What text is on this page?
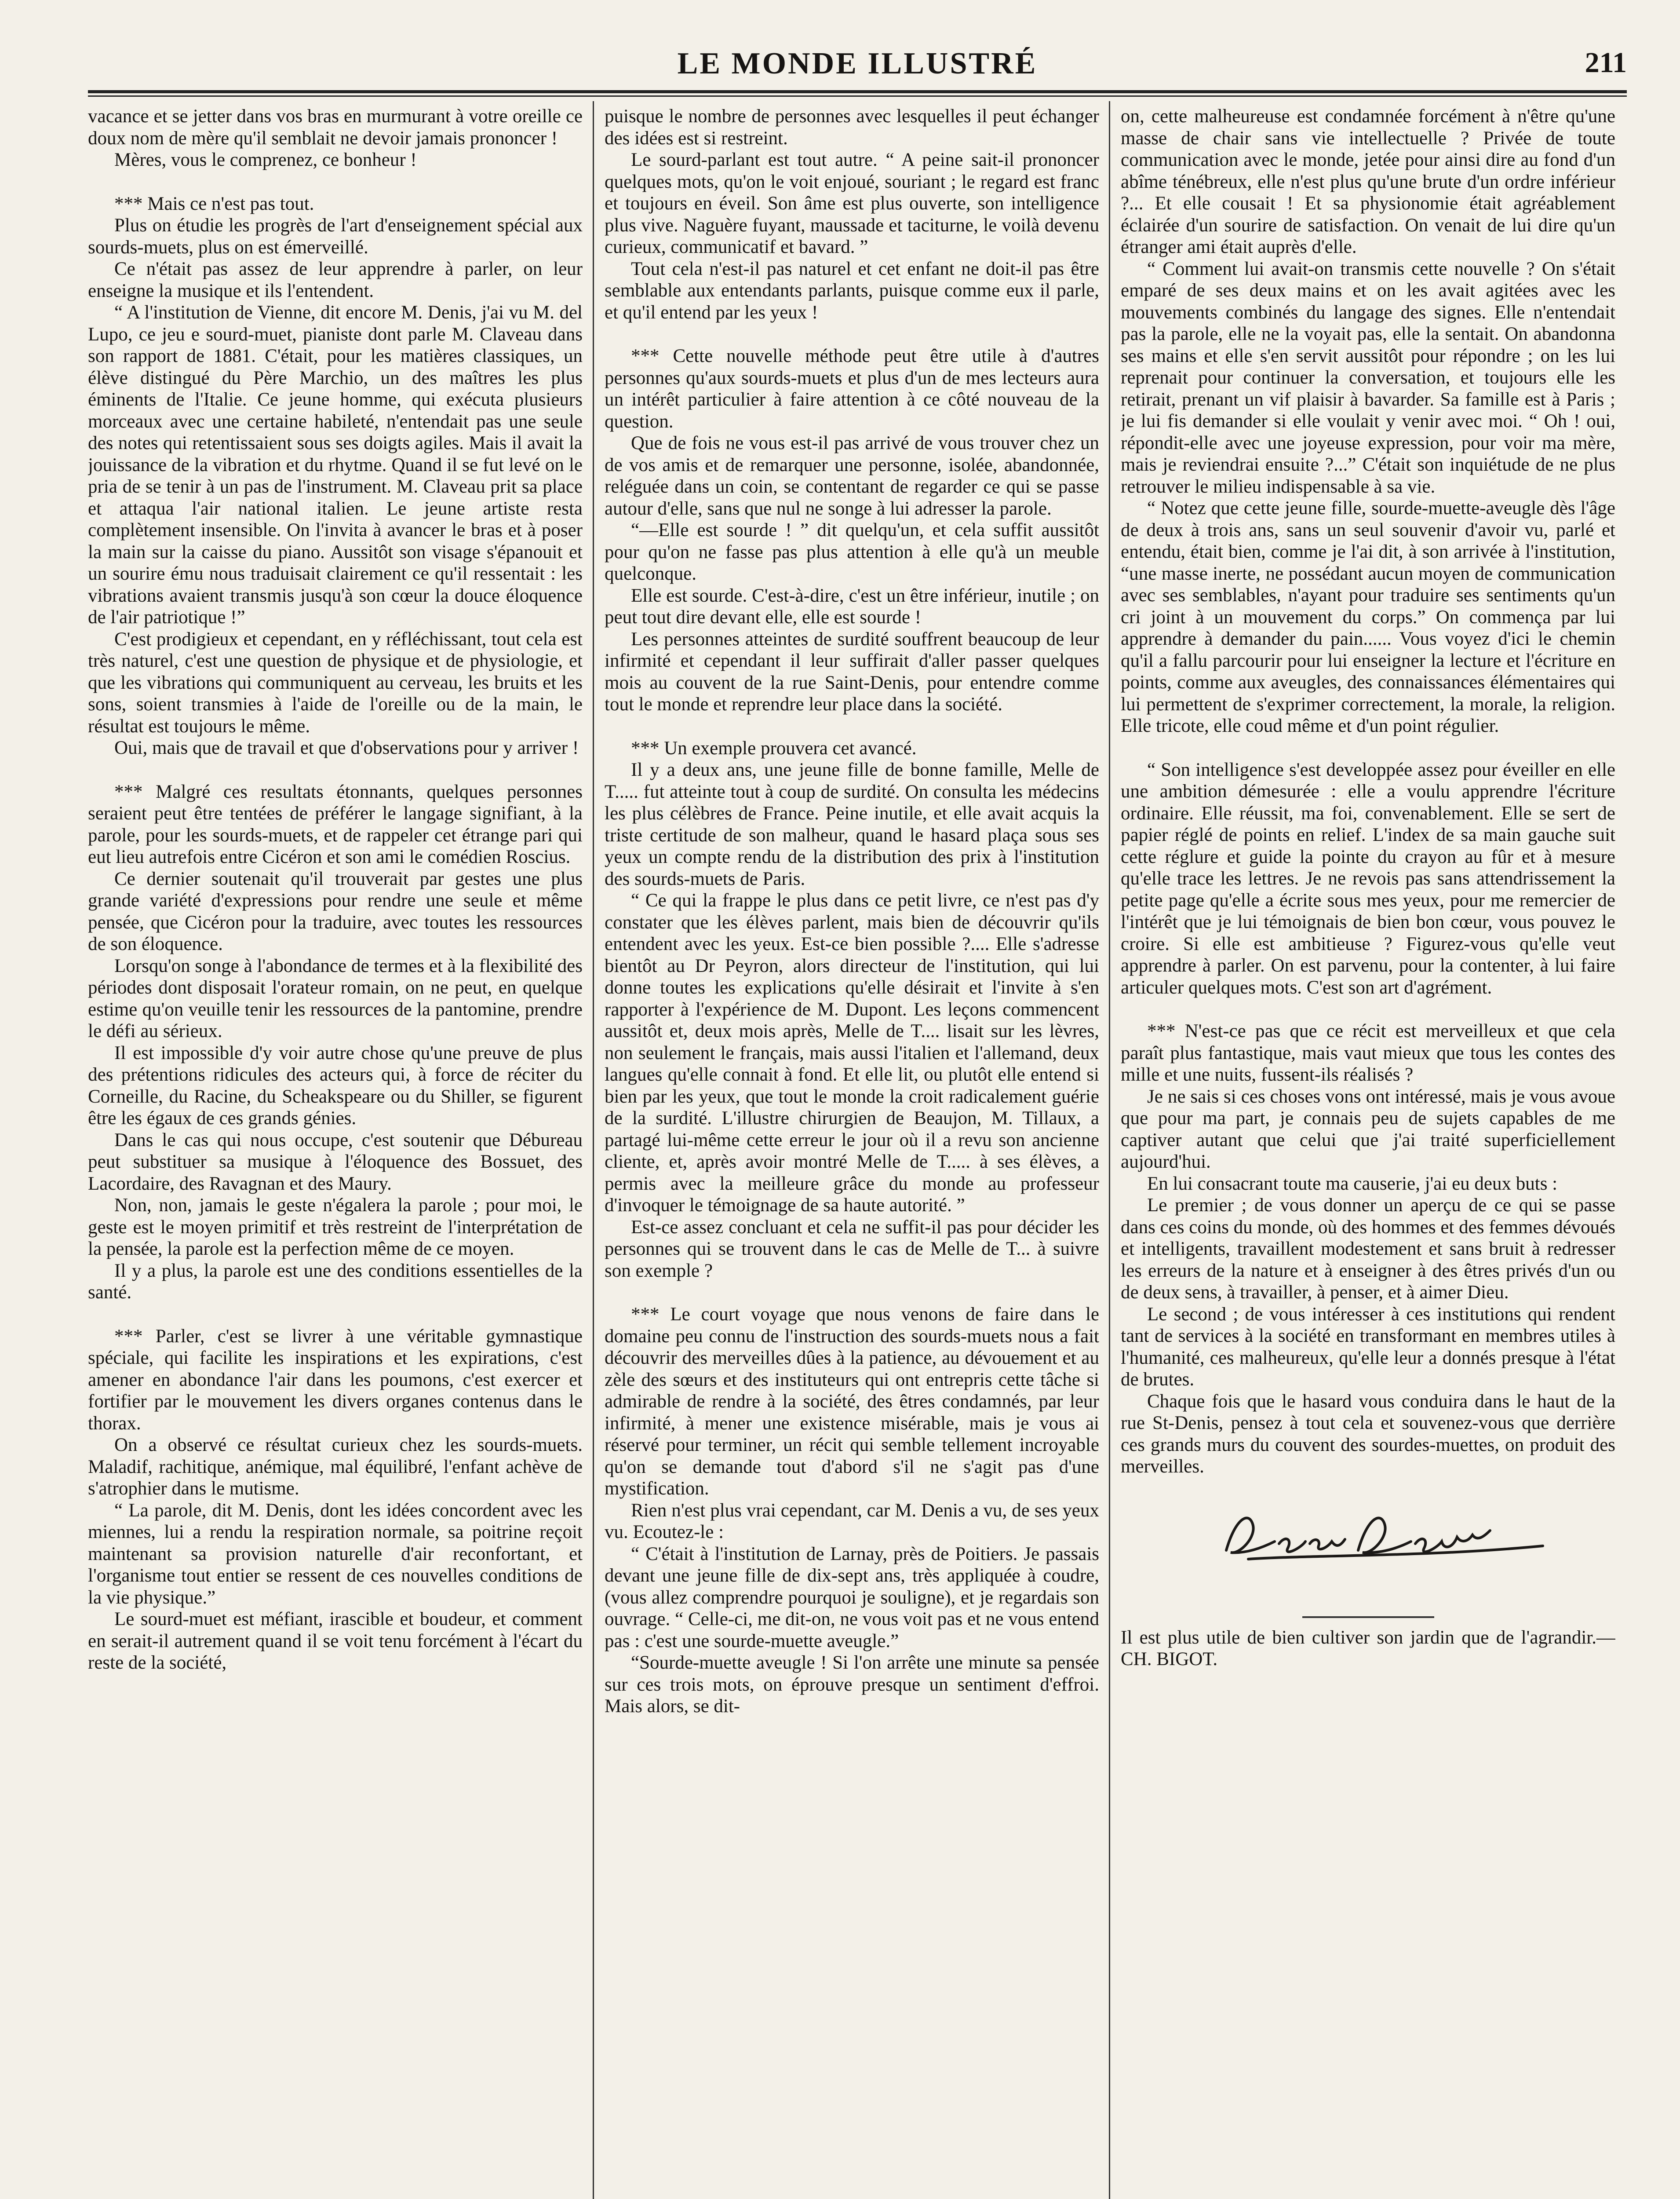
LE MONDE ILLUSTRÉ	211

vacance et se jetter dans vos bras en murmurant à votre oreille ce doux nom de mère qu'il semblait ne devoir jamais prononcer !

Mères, vous le comprenez, ce bonheur !

*** Mais ce n'est pas tout.

Plus on étudie les progrès de l'art d'enseignement spécial aux sourds-muets, plus on est émerveillé.

Ce n'était pas assez de leur apprendre à parler, on leur enseigne la musique et ils l'entendent.

“ A l'institution de Vienne, dit encore M. Denis, j'ai vu M. del Lupo, ce jeu e sourd-muet, pianiste dont parle M. Claveau dans son rapport de 1881. C'était, pour les matières classiques, un élève distingué du Père Marchio, un des maîtres les plus éminents de l'Italie. Ce jeune homme, qui exécuta plusieurs morceaux avec une certaine habileté, n'entendait pas une seule des notes qui retentissaient sous ses doigts agiles. Mais il avait la jouissance de la vibration et du rhytme. Quand il se fut levé on le pria de se tenir à un pas de l'instrument. M. Claveau prit sa place et attaqua l'air national italien. Le jeune artiste resta complètement insensible. On l'invita à avancer le bras et à poser la main sur la caisse du piano. Aussitôt son visage s'épanouit et un sourire ému nous traduisait clairement ce qu'il ressentait : les vibrations avaient transmis jusqu'à son cœur la douce éloquence de l'air patriotique !”

C'est prodigieux et cependant, en y réfléchissant, tout cela est très naturel, c'est une question de physique et de physiologie, et que les vibrations qui communiquent au cerveau, les bruits et les sons, soient transmies à l'aide de l'oreille ou de la main, le résultat est toujours le même.

Oui, mais que de travail et que d'observations pour y arriver !

*** Malgré ces resultats étonnants, quelques personnes seraient peut être tentées de préférer le langage signifiant, à la parole, pour les sourds-muets, et de rappeler cet étrange pari qui eut lieu autrefois entre Cicéron et son ami le comédien Roscius.

Ce dernier soutenait qu'il trouverait par gestes une plus grande variété d'expressions pour rendre une seule et même pensée, que Cicéron pour la traduire, avec toutes les ressources de son éloquence.

Lorsqu'on songe à l'abondance de termes et à la flexibilité des périodes dont disposait l'orateur romain, on ne peut, en quelque estime qu'on veuille tenir les ressources de la pantomine, prendre le défi au sérieux.

Il est impossible d'y voir autre chose qu'une preuve de plus des prétentions ridicules des acteurs qui, à force de réciter du Corneille, du Racine, du Scheakspeare ou du Shiller, se figurent être les égaux de ces grands génies.

Dans le cas qui nous occupe, c'est soutenir que Débureau peut substituer sa musique à l'éloquence des Bossuet, des Lacordaire, des Ravagnan et des Maury.

Non, non, jamais le geste n'égalera la parole ; pour moi, le geste est le moyen primitif et très restreint de l'interprétation de la pensée, la parole est la perfection même de ce moyen.

Il y a plus, la parole est une des conditions essentielles de la santé.

*** Parler, c'est se livrer à une véritable gymnastique spéciale, qui facilite les inspirations et les expirations, c'est amener en abondance l'air dans les poumons, c'est exercer et fortifier par le mouvement les divers organes contenus dans le thorax.

On a observé ce résultat curieux chez les sourds-muets. Maladif, rachitique, anémique, mal équilibré, l'enfant achève de s'atrophier dans le mutisme.

“ La parole, dit M. Denis, dont les idées concordent avec les miennes, lui a rendu la respiration normale, sa poitrine reçoit maintenant sa provision naturelle d'air reconfortant, et l'organisme tout entier se ressent de ces nouvelles conditions de la vie physique.”

Le sourd-muet est méfiant, irascible et boudeur, et comment en serait-il autrement quand il se voit tenu forcément à l'écart du reste de la société,

puisque le nombre de personnes avec lesquelles il peut échanger des idées est si restreint.

Le sourd-parlant est tout autre. “ A peine sait-il prononcer quelques mots, qu'on le voit enjoué, souriant ; le regard est franc et toujours en éveil. Son âme est plus ouverte, son intelligence plus vive. Naguère fuyant, maussade et taciturne, le voilà devenu curieux, communicatif et bavard. ”

Tout cela n'est-il pas naturel et cet enfant ne doit-il pas être semblable aux entendants parlants, puisque comme eux il parle, et qu'il entend par les yeux !

*** Cette nouvelle méthode peut être utile à d'autres personnes qu'aux sourds-muets et plus d'un de mes lecteurs aura un intérêt particulier à faire attention à ce côté nouveau de la question.

Que de fois ne vous est-il pas arrivé de vous trouver chez un de vos amis et de remarquer une personne, isolée, abandonnée, reléguée dans un coin, se contentant de regarder ce qui se passe autour d'elle, sans que nul ne songe à lui adresser la parole.

“—Elle est sourde ! ” dit quelqu'un, et cela suffit aussitôt pour qu'on ne fasse pas plus attention à elle qu'à un meuble quelconque.

Elle est sourde. C'est-à-dire, c'est un être inférieur, inutile ; on peut tout dire devant elle, elle est sourde !

Les personnes atteintes de surdité souffrent beaucoup de leur infirmité et cependant il leur suffirait d'aller passer quelques mois au couvent de la rue Saint-Denis, pour entendre comme tout le monde et reprendre leur place dans la société.

*** Un exemple prouvera cet avancé.

Il y a deux ans, une jeune fille de bonne famille, Melle de T..... fut atteinte tout à coup de surdité. On consulta les médecins les plus célèbres de France. Peine inutile, et elle avait acquis la triste certitude de son malheur, quand le hasard plaça sous ses yeux un compte rendu de la distribution des prix à l'institution des sourds-muets de Paris.

“ Ce qui la frappe le plus dans ce petit livre, ce n'est pas d'y constater que les élèves parlent, mais bien de découvrir qu'ils entendent avec les yeux. Est-ce bien possible ?.... Elle s'adresse bientôt au Dr Peyron, alors directeur de l'institution, qui lui donne toutes les explications qu'elle désirait et l'invite à s'en rapporter à l'expérience de M. Dupont. Les leçons commencent aussitôt et, deux mois après, Melle de T.... lisait sur les lèvres, non seulement le français, mais aussi l'italien et l'allemand, deux langues qu'elle connait à fond. Et elle lit, ou plutôt elle entend si bien par les yeux, que tout le monde la croit radicalement guérie de la surdité. L'illustre chirurgien de Beaujon, M. Tillaux, a partagé lui-même cette erreur le jour où il a revu son ancienne cliente, et, après avoir montré Melle de T..... à ses élèves, a permis avec la meilleure grâce du monde au professeur d'invoquer le témoignage de sa haute autorité. ”

Est-ce assez concluant et cela ne suffit-il pas pour décider les personnes qui se trouvent dans le cas de Melle de T... à suivre son exemple ?

*** Le court voyage que nous venons de faire dans le domaine peu connu de l'instruction des sourds-muets nous a fait découvrir des merveilles dûes à la patience, au dévouement et au zèle des sœurs et des instituteurs qui ont entrepris cette tâche si admirable de rendre à la société, des êtres condamnés, par leur infirmité, à mener une existence misérable, mais je vous ai réservé pour terminer, un récit qui semble tellement incroyable qu'on se demande tout d'abord s'il ne s'agit pas d'une mystification.

Rien n'est plus vrai cependant, car M. Denis a vu, de ses yeux vu. Ecoutez-le :

“ C'était à l'institution de Larnay, près de Poitiers. Je passais devant une jeune fille de dix-sept ans, très appliquée à coudre, (vous allez comprendre pourquoi je souligne), et je regardais son ouvrage. “ Celle-ci, me dit-on, ne vous voit pas et ne vous entend pas : c'est une sourde-muette aveugle.”

“Sourde-muette aveugle ! Si l'on arrête une minute sa pensée sur ces trois mots, on éprouve presque un sentiment d'effroi. Mais alors, se dit-

on, cette malheureuse est condamnée forcément à n'être qu'une masse de chair sans vie intellectuelle ? Privée de toute communication avec le monde, jetée pour ainsi dire au fond d'un abîme ténébreux, elle n'est plus qu'une brute d'un ordre inférieur ?... Et elle cousait ! Et sa physionomie était agréablement éclairée d'un sourire de satisfaction. On venait de lui dire qu'un étranger ami était auprès d'elle.

“ Comment lui avait-on transmis cette nouvelle ? On s'était emparé de ses deux mains et on les avait agitées avec les mouvements combinés du langage des signes. Elle n'entendait pas la parole, elle ne la voyait pas, elle la sentait. On abandonna ses mains et elle s'en servit aussitôt pour répondre ; on les lui reprenait pour continuer la conversation, et toujours elle les retirait, prenant un vif plaisir à bavarder. Sa famille est à Paris ; je lui fis demander si elle voulait y venir avec moi. “ Oh ! oui, répondit-elle avec une joyeuse expression, pour voir ma mère, mais je reviendrai ensuite ?...” C'était son inquiétude de ne plus retrouver le milieu indispensable à sa vie.

“ Notez que cette jeune fille, sourde-muette-aveugle dès l'âge de deux à trois ans, sans un seul souvenir d'avoir vu, parlé et entendu, était bien, comme je l'ai dit, à son arrivée à l'institution, “une masse inerte, ne possédant aucun moyen de communication avec ses semblables, n'ayant pour traduire ses sentiments qu'un cri joint à un mouvement du corps.” On commença par lui apprendre à demander du pain...... Vous voyez d'ici le chemin qu'il a fallu parcourir pour lui enseigner la lecture et l'écriture en points, comme aux aveugles, des connaissances élémentaires qui lui permettent de s'exprimer correctement, la morale, la religion. Elle tricote, elle coud même et d'un point régulier.

“ Son intelligence s'est developpée assez pour éveiller en elle une ambition démesurée : elle a voulu apprendre l'écriture ordinaire. Elle réussit, ma foi, convenablement. Elle se sert de papier réglé de points en relief. L'index de sa main gauche suit cette réglure et guide la pointe du crayon au fûr et à mesure qu'elle trace les lettres. Je ne revois pas sans attendrissement la petite page qu'elle a écrite sous mes yeux, pour me remercier de l'intérêt que je lui témoignais de bien bon cœur, vous pouvez le croire. Si elle est ambitieuse ? Figurez-vous qu'elle veut apprendre à parler. On est parvenu, pour la contenter, à lui faire articuler quelques mots. C'est son art d'agrément.

*** N'est-ce pas que ce récit est merveilleux et que cela paraît plus fantastique, mais vaut mieux que tous les contes des mille et une nuits, fussent-ils réalisés ?

Je ne sais si ces choses vons ont intéressé, mais je vous avoue que pour ma part, je connais peu de sujets capables de me captiver autant que celui que j'ai traité superficiellement aujourd'hui.

En lui consacrant toute ma causerie, j'ai eu deux buts :

Le premier ; de vous donner un aperçu de ce qui se passe dans ces coins du monde, où des hommes et des femmes dévoués et intelligents, travaillent modestement et sans bruit à redresser les erreurs de la nature et à enseigner à des êtres privés d'un ou de deux sens, à travailler, à penser, et à aimer Dieu.

Le second ; de vous intéresser à ces institutions qui rendent tant de services à la société en transformant en membres utiles à l'humanité, ces malheureux, qu'elle leur a donnés presque à l'état de brutes.

Chaque fois que le hasard vous conduira dans le haut de la rue St-Denis, pensez à tout cela et souvenez-vous que derrière ces grands murs du couvent des sourdes-muettes, on produit des merveilles.

Il est plus utile de bien cultiver son jardin que de l'agrandir.— CH. BIGOT.
